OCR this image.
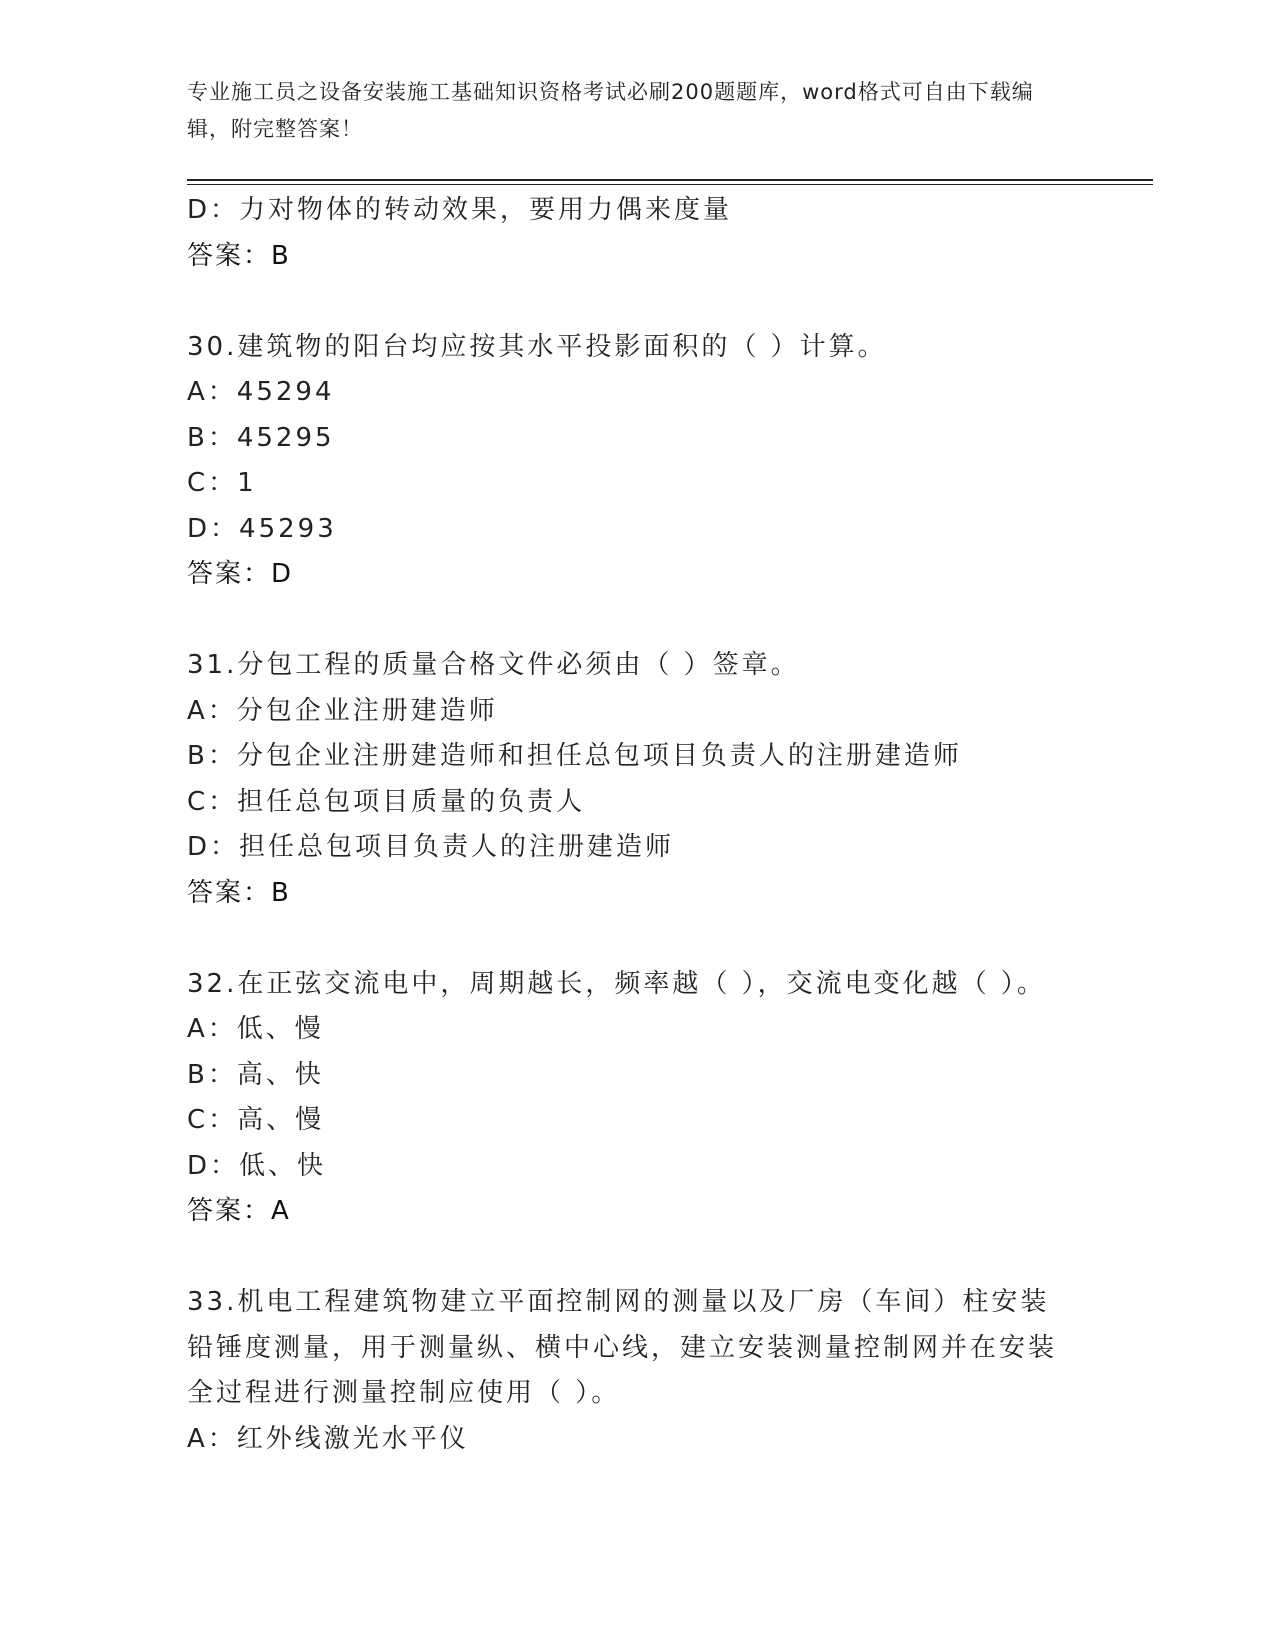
专业施工员之设备安装施工基础知识资格考试必刷200题题库，word格式可自由下载编辑，附完整答案！
D：力对物体的转动效果，要用力偶来度量
答案：B
30.建筑物的阳台均应按其水平投影面积的（ ）计算。
A：45294
B：45295
C：1
D：45293
答案：D
31.分包工程的质量合格文件必须由（ ）签章。
A：分包企业注册建造师
B：分包企业注册建造师和担任总包项目负责人的注册建造师
C：担任总包项目质量的负责人
D：担任总包项目负责人的注册建造师
答案：B
32.在正弦交流电中，周期越长，频率越（ ），交流电变化越（ ）。
A：低、慢
B：高、快
C：高、慢
D：低、快
答案：A
33.机电工程建筑物建立平面控制网的测量以及厂房（车间）柱安装铅锤度测量，用于测量纵、横中心线，建立安装测量控制网并在安装全过程进行测量控制应使用（ ）。
A：红外线激光水平仪
